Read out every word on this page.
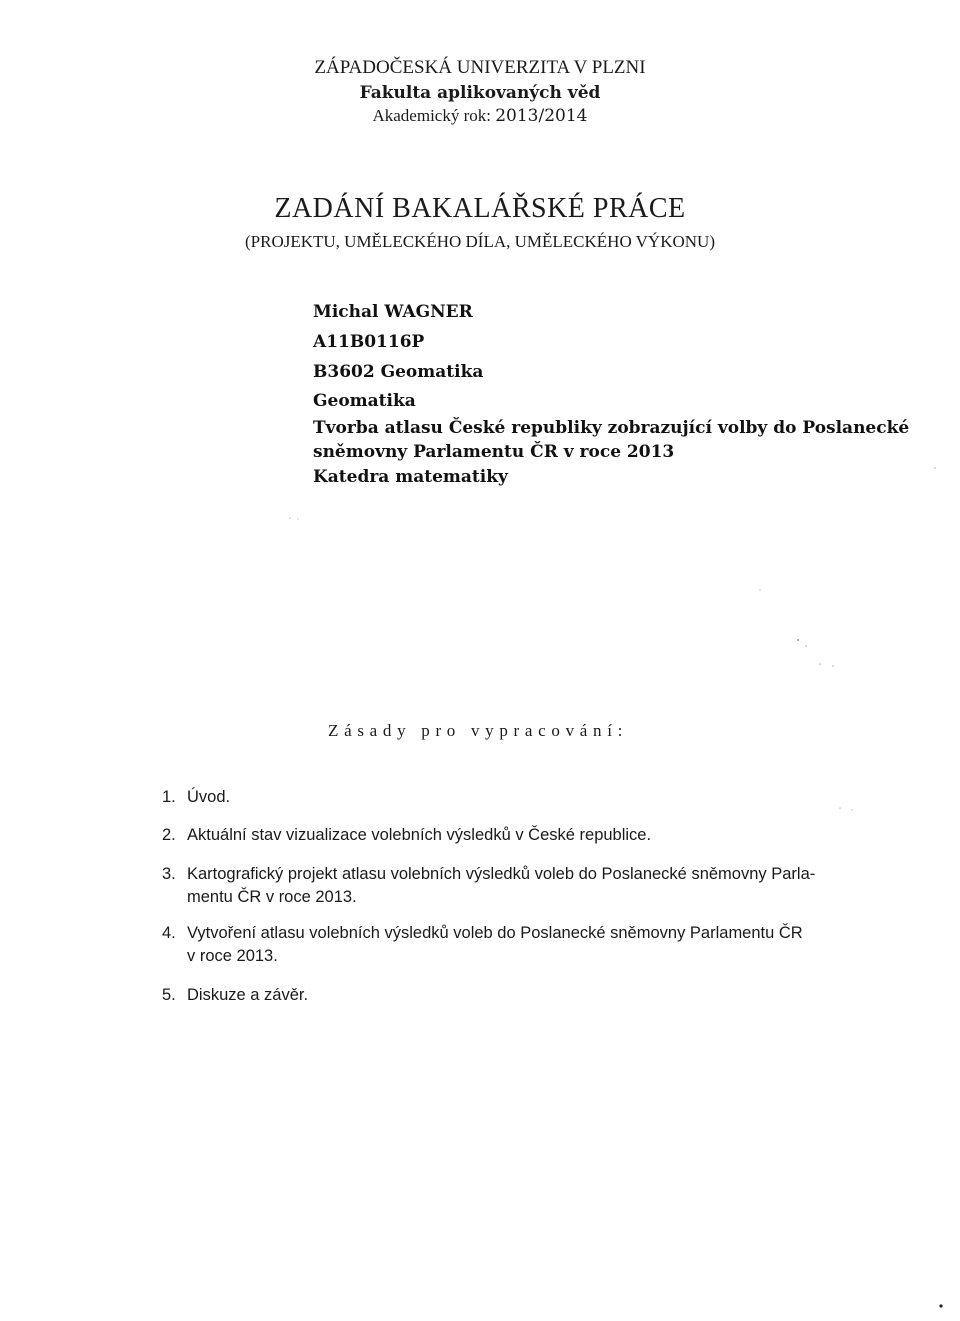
ZÁPADOČESKÁ UNIVERZITA V PLZNI
Fakulta aplikovaných věd
Akademický rok: 2013/2014
ZADÁNÍ BAKALÁŘSKÉ PRÁCE
(PROJEKTU, UMĚLECKÉHO DÍLA, UMĚLECKÉHO VÝKONU)
Michal WAGNER
A11B0116P
B3602 Geomatika
Geomatika
Tvorba atlasu České republiky zobrazující volby do Poslanecké
sněmovny Parlamentu ČR v roce 2013
Katedra matematiky
Zásady pro vypracování:
1. Úvod.
2. Aktuální stav vizualizace volebních výsledků v České republice.
3. Kartografický projekt atlasu volebních výsledků voleb do Poslanecké sněmovny Parla-
mentu ČR v roce 2013.
4. Vytvoření atlasu volebních výsledků voleb do Poslanecké sněmovny Parlamentu ČR
v roce 2013.
5. Diskuze a závěr.
